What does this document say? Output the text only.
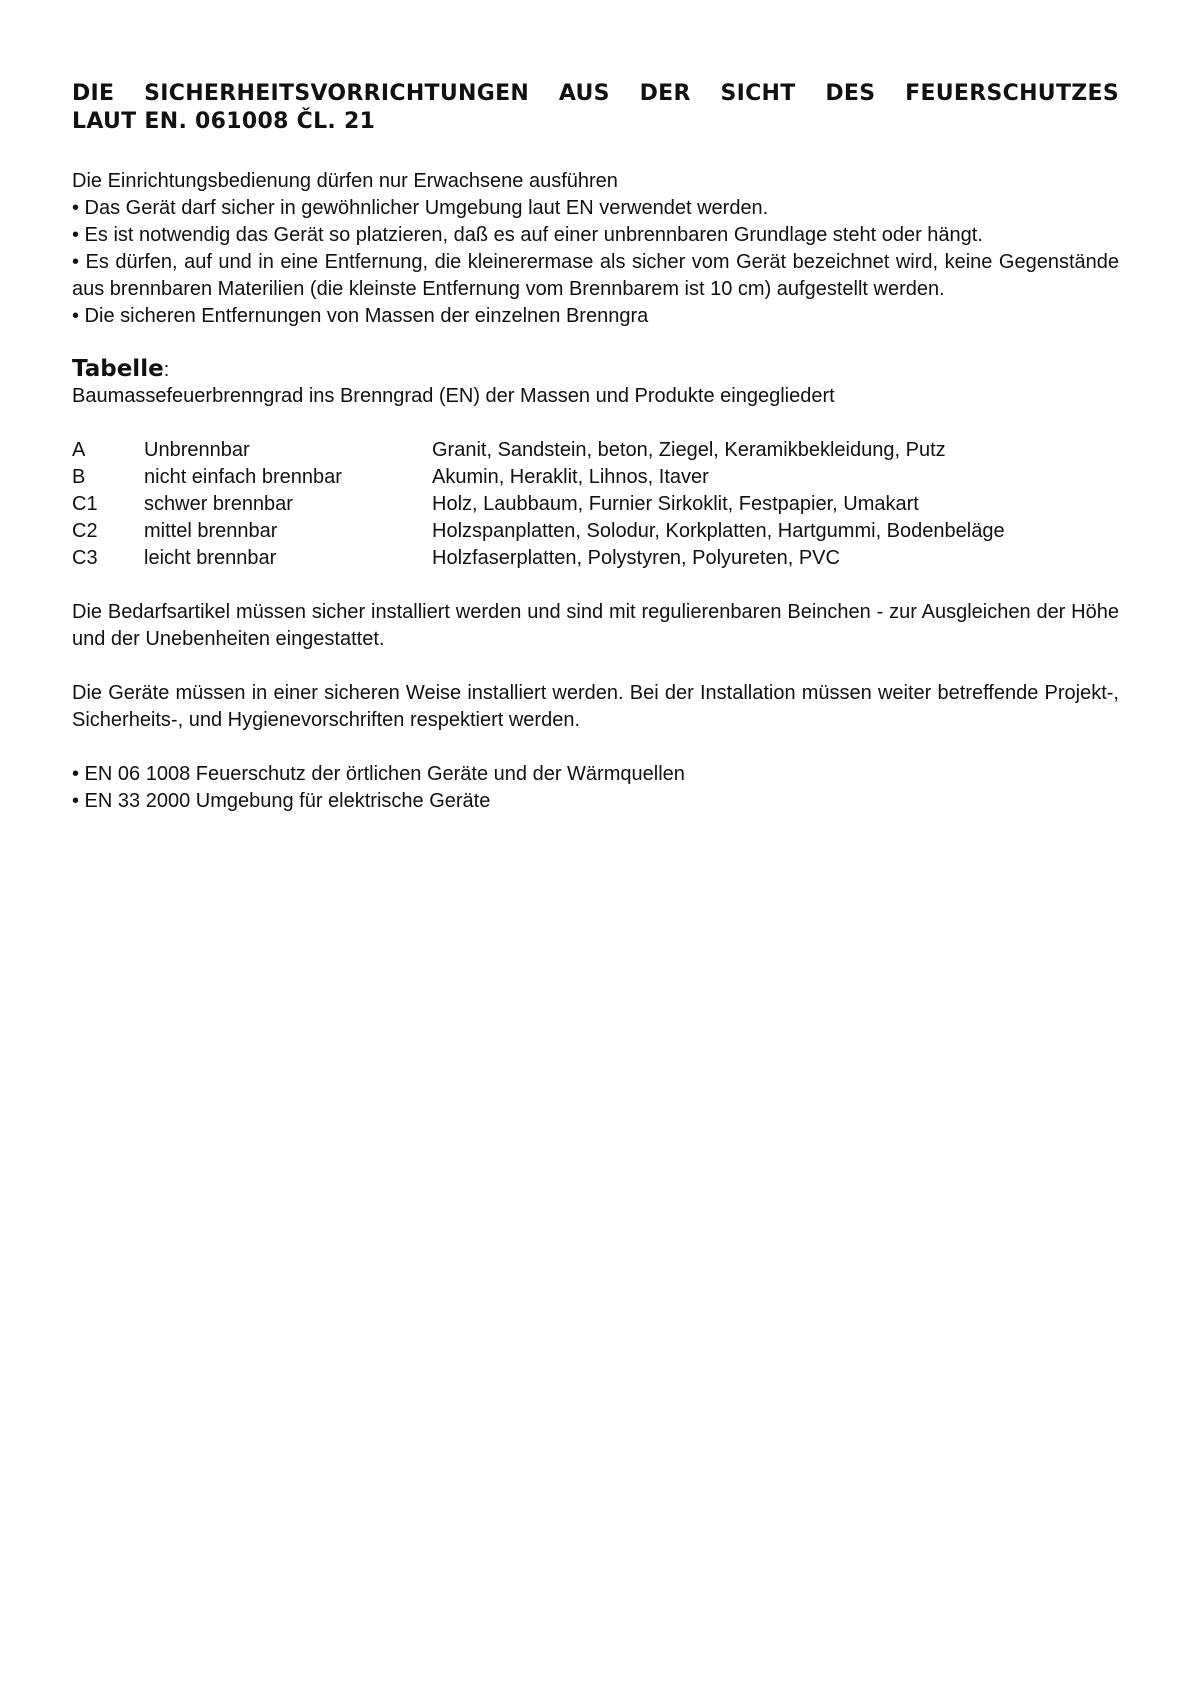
DIE SICHERHEITSVORRICHTUNGEN AUS DER SICHT DES FEUERSCHUTZES
LAUT EN. 061008 ČL. 21

Die Einrichtungsbedienung dürfen nur Erwachsene ausführen

• Das Gerät darf sicher in gewöhnlicher Umgebung laut EN verwendet werden.

• Es ist notwendig das Gerät so platzieren, daß es auf einer unbrennbaren Grundlage steht oder hängt.

• Es dürfen, auf und in eine Entfernung, die kleinerermase als sicher vom Gerät bezeichnet wird, keine Gegenstände aus brennbaren Materilien (die kleinste Entfernung vom Brennbarem ist 10 cm) aufgestellt werden.

• Die sicheren Entfernungen von Massen der einzelnen Brenngra

Tabelle:

Baumassefeuerbrenngrad ins Brenngrad (EN) der Massen und Produkte eingegliedert

A	Unbrennbar	Granit, Sandstein, beton, Ziegel, Keramikbekleidung, Putz
B	nicht einfach brennbar	Akumin, Heraklit, Lihnos, Itaver
C1	schwer brennbar	Holz, Laubbaum, Furnier Sirkoklit, Festpapier, Umakart
C2	mittel brennbar	Holzspanplatten, Solodur, Korkplatten, Hartgummi, Bodenbeläge
C3	leicht brennbar	Holzfaserplatten, Polystyren, Polyureten, PVC

Die Bedarfsartikel müssen sicher installiert werden und sind mit regulierenbaren Beinchen - zur Ausgleichen der Höhe und der Unebenheiten eingestattet.

Die Geräte müssen in einer sicheren Weise installiert werden. Bei der Installation müssen weiter betreffende Projekt-, Sicherheits-, und Hygienevorschriften respektiert werden.

• EN 06 1008 Feuerschutz der örtlichen Geräte und der Wärmquellen

• EN 33 2000 Umgebung für elektrische Geräte
